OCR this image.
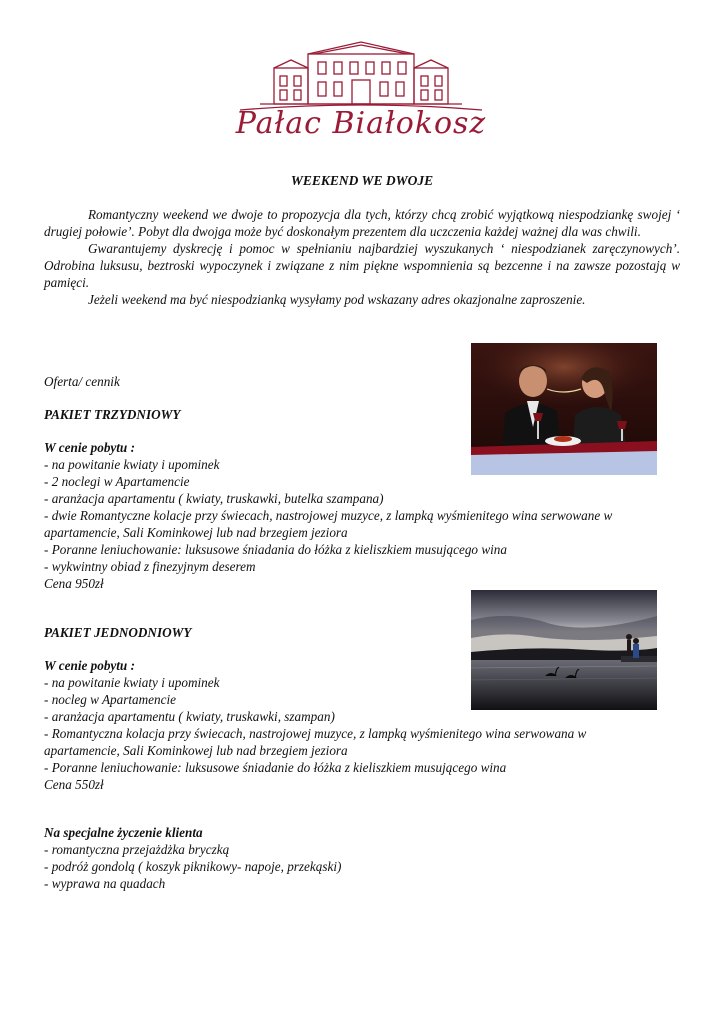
Pałac Białokosz
WEEKEND WE DWOJE

Romantyczny weekend we dwoje to propozycja dla tych, którzy chcą zrobić wyjątkową niespodziankę swojej ‘ drugiej połowie’. Pobyt dla dwojga może być doskonałym prezentem dla uczczenia każdej ważnej dla was chwili.

Gwarantujemy dyskrecję i pomoc w spełnianiu najbardziej wyszukanych ‘ niespodzianek zaręczynowych’. Odrobina luksusu, beztroski wypoczynek i związane z nim piękne wspomnienia są bezcenne i na zawsze pozostają w pamięci.

Jeżeli weekend ma być niespodzianką wysyłamy pod wskazany adres okazjonalne zaproszenie.

Oferta/ cennik
PAKIET TRZYDNIOWY
W cenie pobytu :
- na powitanie kwiaty i upominek
- 2 noclegi w Apartamencie
- aranżacja apartamentu ( kwiaty, truskawki, butelka szampana)
- dwie Romantyczne kolacje przy świecach, nastrojowej muzyce, z lampką wyśmienitego wina serwowane w
apartamencie, Sali Kominkowej lub nad brzegiem jeziora
- Poranne leniuchowanie: luksusowe śniadania do łóżka z kieliszkiem musującego wina
- wykwintny obiad z finezyjnym deserem
Cena 950zł
PAKIET JEDNODNIOWY
W cenie pobytu :
- na powitanie kwiaty i upominek
- nocleg w Apartamencie
- aranżacja apartamentu ( kwiaty, truskawki, szampan)
- Romantyczna kolacja przy świecach, nastrojowej muzyce, z lampką wyśmienitego wina serwowana w
apartamencie, Sali Kominkowej lub nad brzegiem jeziora
- Poranne leniuchowanie: luksusowe śniadanie do łóżka z kieliszkiem musującego wina
Cena 550zł
Na specjalne życzenie klienta
- romantyczna przejażdżka bryczką
- podróż gondolą ( koszyk piknikowy- napoje, przekąski)
- wyprawa na quadach
